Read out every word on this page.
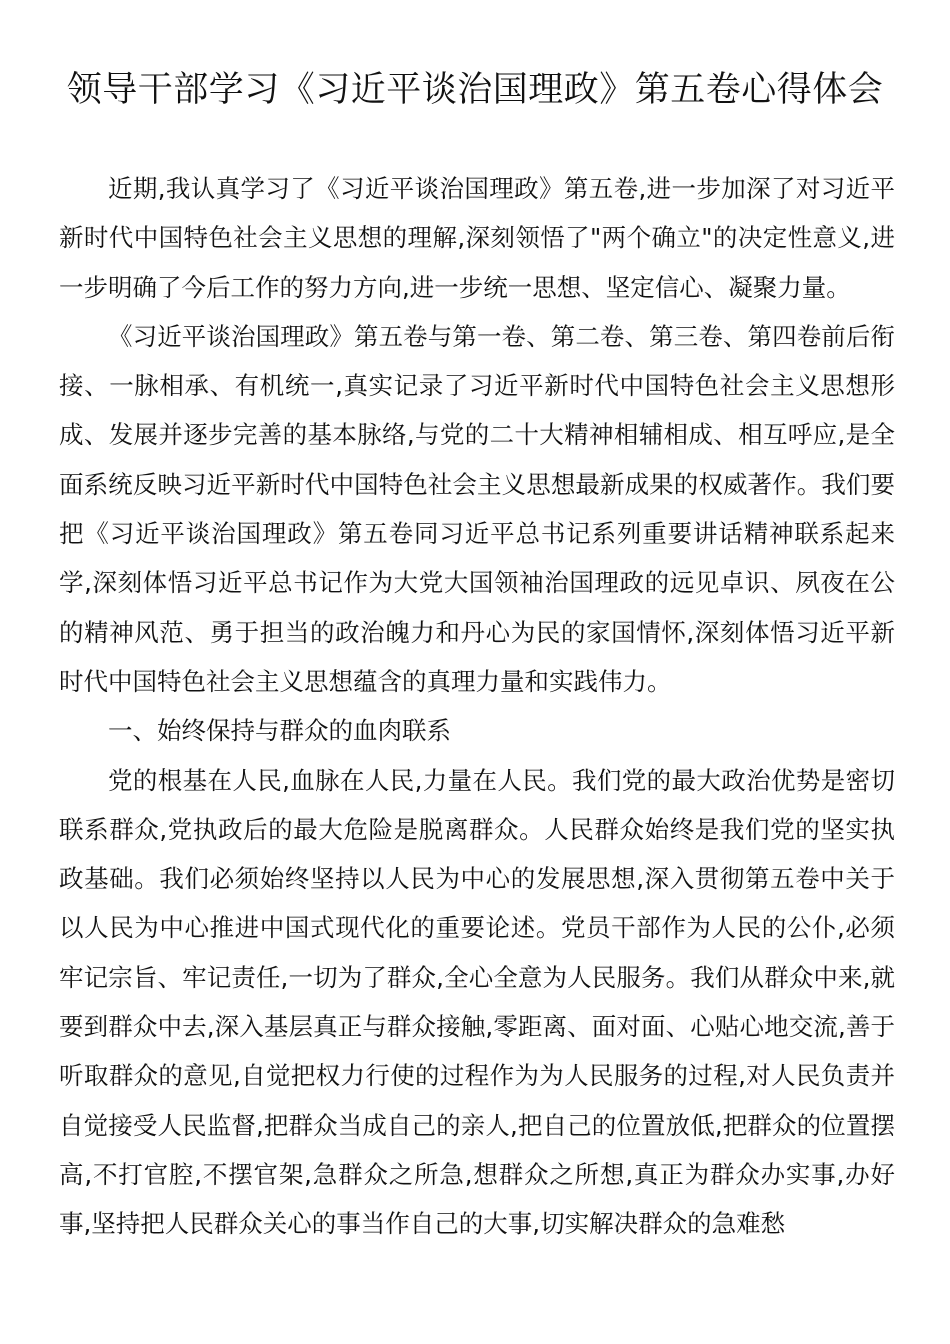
领导干部学习《习近平谈治国理政》第五卷心得体会

近期,我认真学习了《习近平谈治国理政》第五卷,进一步加深了对习近平新时代中国特色社会主义思想的理解,深刻领悟了"两个确立"的决定性意义,进一步明确了今后工作的努力方向,进一步统一思想、坚定信心、凝聚力量。

《习近平谈治国理政》第五卷与第一卷、第二卷、第三卷、第四卷前后衔接、一脉相承、有机统一,真实记录了习近平新时代中国特色社会主义思想形成、发展并逐步完善的基本脉络,与党的二十大精神相辅相成、相互呼应,是全面系统反映习近平新时代中国特色社会主义思想最新成果的权威著作。我们要把《习近平谈治国理政》第五卷同习近平总书记系列重要讲话精神联系起来学,深刻体悟习近平总书记作为大党大国领袖治国理政的远见卓识、夙夜在公的精神风范、勇于担当的政治魄力和丹心为民的家国情怀,深刻体悟习近平新时代中国特色社会主义思想蕴含的真理力量和实践伟力。

一、始终保持与群众的血肉联系

党的根基在人民,血脉在人民,力量在人民。我们党的最大政治优势是密切联系群众,党执政后的最大危险是脱离群众。人民群众始终是我们党的坚实执政基础。我们必须始终坚持以人民为中心的发展思想,深入贯彻第五卷中关于以人民为中心推进中国式现代化的重要论述。党员干部作为人民的公仆,必须牢记宗旨、牢记责任,一切为了群众,全心全意为人民服务。我们从群众中来,就要到群众中去,深入基层真正与群众接触,零距离、面对面、心贴心地交流,善于听取群众的意见,自觉把权力行使的过程作为为人民服务的过程,对人民负责并自觉接受人民监督,把群众当成自己的亲人,把自己的位置放低,把群众的位置摆高,不打官腔,不摆官架,急群众之所急,想群众之所想,真正为群众办实事,办好事,坚持把人民群众关心的事当作自己的大事,切实解决群众的急难愁
